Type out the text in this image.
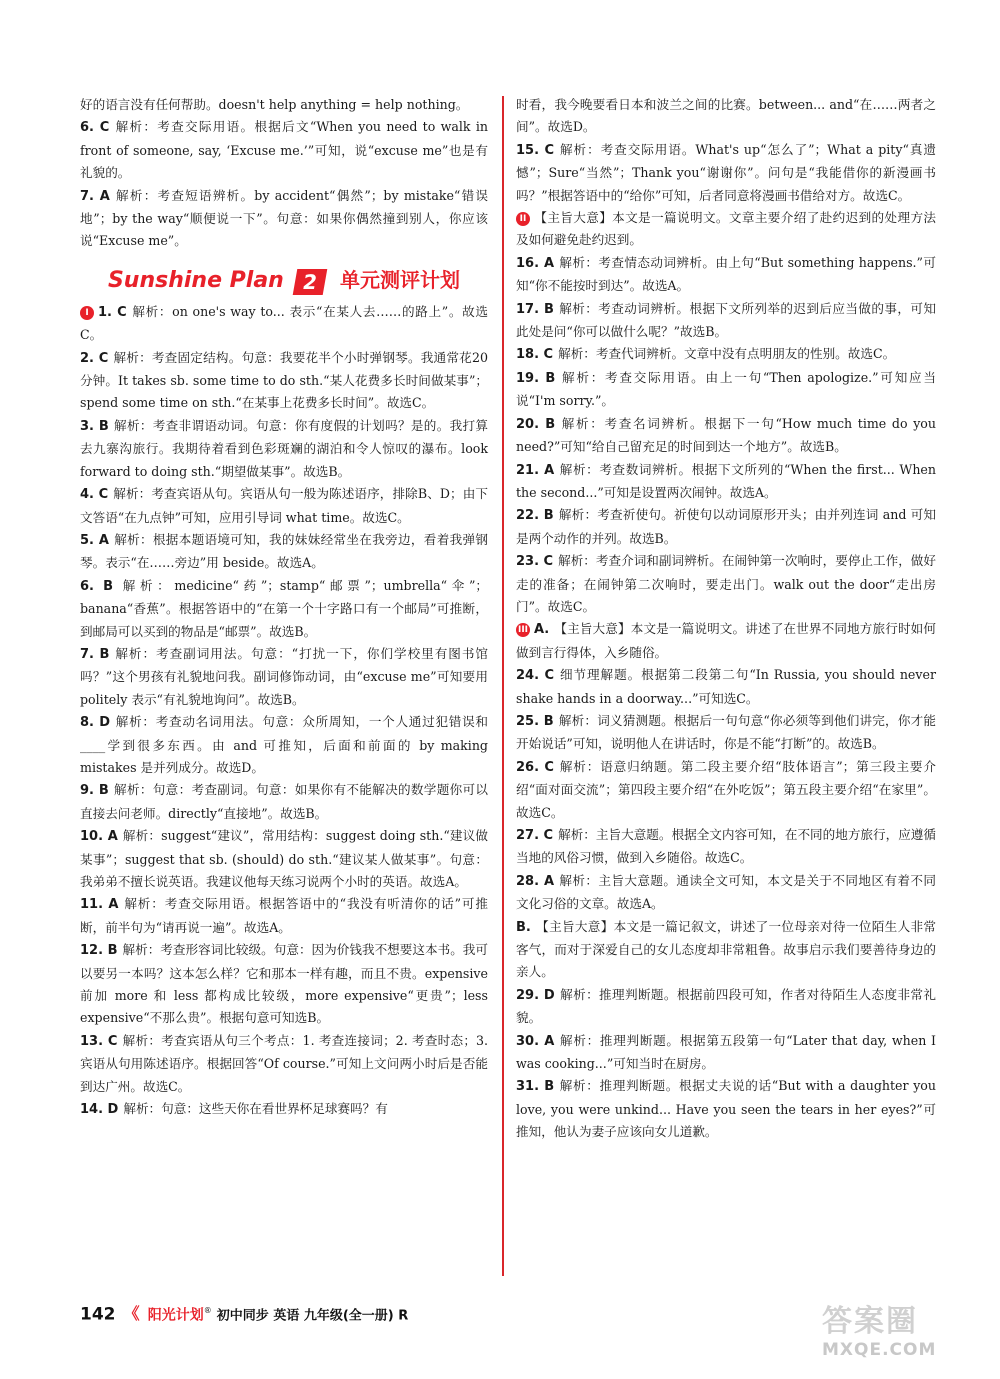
好的语言没有任何帮助。doesn't help anything = help nothing。

6. C 解析：考查交际用语。根据后文“When you need to walk in front of someone, say, ‘Excuse me.’”可知，说“excuse me”也是有礼貌的。

7. A 解析：考查短语辨析。by accident“偶然”；by mistake“错误地”；by the way“顺便说一下”。句意：如果你偶然撞到别人，你应该说“Excuse me”。

Sunshine Plan 2 单元测评计划

I 1. C 解析：on one's way to... 表示“在某人去……的路上”。故选C。

2. C 解析：考查固定结构。句意：我要花半个小时弹钢琴。我通常花20分钟。It takes sb. some time to do sth.“某人花费多长时间做某事”；spend some time on sth.“在某事上花费多长时间”。故选C。

3. B 解析：考查非谓语动词。句意：你有度假的计划吗？是的。我打算去九寨沟旅行。我期待着看到色彩斑斓的湖泊和令人惊叹的瀑布。look forward to doing sth.“期望做某事”。故选B。

4. C 解析：考查宾语从句。宾语从句一般为陈述语序，排除B、D；由下文答语“在九点钟”可知，应用引导词 what time。故选C。

5. A 解析：根据本题语境可知，我的妹妹经常坐在我旁边，看着我弹钢琴。表示“在……旁边”用 beside。故选A。

6. B 解析：medicine“药”；stamp“邮票”；umbrella“伞”；banana“香蕉”。根据答语中的“在第一个十字路口有一个邮局”可推断，到邮局可以买到的物品是“邮票”。故选B。

7. B 解析：考查副词用法。句意：“打扰一下，你们学校里有图书馆吗？”这个男孩有礼貌地问我。副词修饰动词，由“excuse me”可知要用 politely 表示“有礼貌地询问”。故选B。

8. D 解析：考查动名词用法。句意：众所周知，一个人通过犯错误和____学到很多东西。由 and 可推知，后面和前面的 by making mistakes 是并列成分。故选D。

9. B 解析：句意：考查副词。句意：如果你有不能解决的数学题你可以直接去问老师。directly“直接地”。故选B。

10. A 解析：suggest“建议”，常用结构：suggest doing sth.“建议做某事”；suggest that sb. (should) do sth.“建议某人做某事”。句意：我弟弟不擅长说英语。我建议他每天练习说两个小时的英语。故选A。

11. A 解析：考查交际用语。根据答语中的“我没有听清你的话”可推断，前半句为“请再说一遍”。故选A。

12. B 解析：考查形容词比较级。句意：因为价钱我不想要这本书。我可以要另一本吗？这本怎么样？它和那本一样有趣，而且不贵。expensive 前加 more 和 less 都构成比较级，more expensive“更贵”；less expensive“不那么贵”。根据句意可知选B。

13. C 解析：考查宾语从句三个考点：1. 考查连接词；2. 考查时态；3. 宾语从句用陈述语序。根据回答“Of course.”可知上文问两小时后是否能到达广州。故选C。

14. D 解析：句意：这些天你在看世界杯足球赛吗？有

时看，我今晚要看日本和波兰之间的比赛。between... and“在……两者之间”。故选D。

15. C 解析：考查交际用语。What's up“怎么了”；What a pity“真遗憾”；Sure“当然”；Thank you“谢谢你”。问句是“我能借你的新漫画书吗？”根据答语中的“给你”可知，后者同意将漫画书借给对方。故选C。

II 【主旨大意】本文是一篇说明文。文章主要介绍了赴约迟到的处理方法及如何避免赴约迟到。

16. A 解析：考查情态动词辨析。由上句“But something happens.”可知“你不能按时到达”。故选A。

17. B 解析：考查动词辨析。根据下文所列举的迟到后应当做的事，可知此处是问“你可以做什么呢？”故选B。

18. C 解析：考查代词辨析。文章中没有点明朋友的性别。故选C。

19. B 解析：考查交际用语。由上一句“Then apologize.”可知应当说“I'm sorry.”。

20. B 解析：考查名词辨析。根据下一句“How much time do you need?”可知“给自己留充足的时间到达一个地方”。故选B。

21. A 解析：考查数词辨析。根据下文所列的“When the first... When the second...”可知是设置两次闹钟。故选A。

22. B 解析：考查祈使句。祈使句以动词原形开头；由并列连词 and 可知是两个动作的并列。故选B。

23. C 解析：考查介词和副词辨析。在闹钟第一次响时，要停止工作，做好走的准备；在闹钟第二次响时，要走出门。walk out the door“走出房门”。故选C。

III A. 【主旨大意】本文是一篇说明文。讲述了在世界不同地方旅行时如何做到言行得体，入乡随俗。

24. C 细节理解题。根据第二段第二句“In Russia, you should never shake hands in a doorway...”可知选C。

25. B 解析：词义猜测题。根据后一句句意“你必须等到他们讲完，你才能开始说话”可知，说明他人在讲话时，你是不能“打断”的。故选B。

26. C 解析：语意归纳题。第二段主要介绍“肢体语言”；第三段主要介绍“面对面交流”；第四段主要介绍“在外吃饭”；第五段主要介绍“在家里”。故选C。

27. C 解析：主旨大意题。根据全文内容可知，在不同的地方旅行，应遵循当地的风俗习惯，做到入乡随俗。故选C。

28. A 解析：主旨大意题。通读全文可知，本文是关于不同地区有着不同文化习俗的文章。故选A。

B. 【主旨大意】本文是一篇记叙文，讲述了一位母亲对待一位陌生人非常客气，而对于深爱自己的女儿态度却非常粗鲁。故事启示我们要善待身边的亲人。

29. D 解析：推理判断题。根据前四段可知，作者对待陌生人态度非常礼貌。

30. A 解析：推理判断题。根据第五段第一句“Later that day, when I was cooking...”可知当时在厨房。

31. B 解析：推理判断题。根据丈夫说的话“But with a daughter you love, you were unkind... Have you seen the tears in her eyes?”可推知，他认为妻子应该向女儿道歉。

142 《 阳光计划® 初中同步 英语 九年级(全一册) R	答案圈
MXQE.COM
